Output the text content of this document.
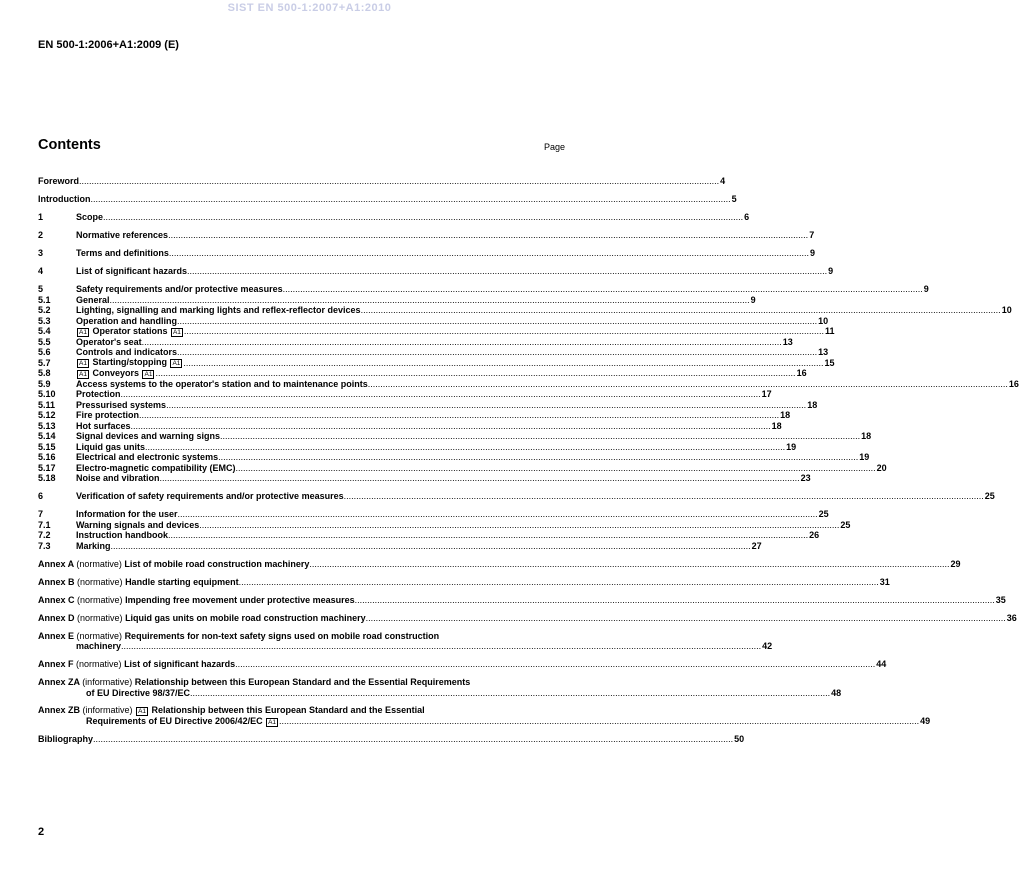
SIST EN 500-1:2007+A1:2010
EN 500-1:2006+A1:2009 (E)
Contents	Page
Foreword .....	4
Introduction .....	5
1	Scope .....	6
2	Normative references .....	7
3	Terms and definitions .....	9
4	List of significant hazards .....	9
5	Safety requirements and/or protective measures .....	9
5.1	General .....	9
5.2	Lighting, signalling and marking lights and reflex-reflector devices .....	10
5.3	Operation and handling .....	10
5.4	A1 Operator stations A1 .....	11
5.5	Operator's seat .....	13
5.6	Controls and indicators .....	13
5.7	A1 Starting/stopping A1 .....	15
5.8	A1 Conveyors A1 .....	16
5.9	Access systems to the operator's station and to maintenance points .....	16
5.10	Protection .....	17
5.11	Pressurised systems .....	18
5.12	Fire protection .....	18
5.13	Hot surfaces .....	18
5.14	Signal devices and warning signs .....	18
5.15	Liquid gas units .....	19
5.16	Electrical and electronic systems .....	19
5.17	Electro-magnetic compatibility (EMC) .....	20
5.18	Noise and vibration .....	23
6	Verification of safety requirements and/or protective measures .....	25
7	Information for the user .....	25
7.1	Warning signals and devices .....	25
7.2	Instruction handbook .....	26
7.3	Marking .....	27
Annex A (normative) List of mobile road construction machinery .....	29
Annex B (normative) Handle starting equipment .....	31
Annex C (normative) Impending free movement under protective measures .....	35
Annex D (normative) Liquid gas units on mobile road construction machinery .....	36
Annex E (normative) Requirements for non-text safety signs used on mobile road construction
machinery .....	42
Annex F (normative) List of significant hazards .....	44
Annex ZA (informative) Relationship between this European Standard and the Essential Requirements
of EU Directive 98/37/EC .....	48
Annex ZB (informative) A1 Relationship between this European Standard and the Essential
Requirements of EU Directive 2006/42/EC A1 .....	49
Bibliography .....	50
2
